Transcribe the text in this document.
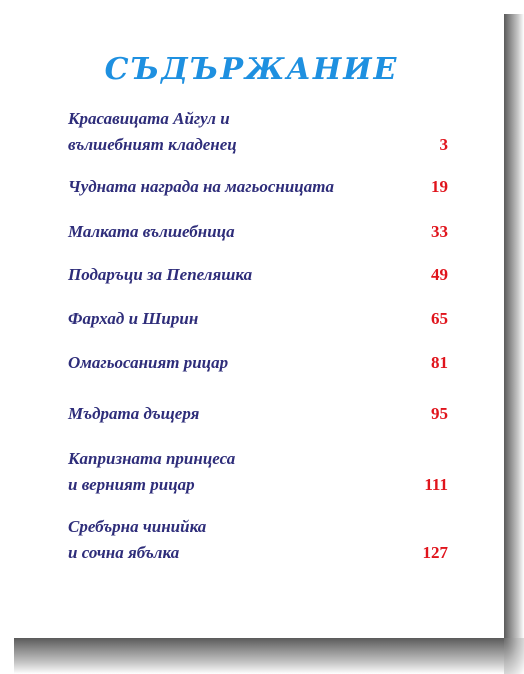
СЪДЪРЖАНИЕ
Красавицата Айгул и
вълшебният кладенец	3
Чудната награда на магьосницата	19
Малката вълшебница	33
Подаръци за Пепеляшка	49
Фархад и Ширин	65
Омагьосаният рицар	81
Мъдрата дъщеря	95
Капризната принцеса
и верният рицар	111
Сребърна чинийка
и сочна ябълка	127
